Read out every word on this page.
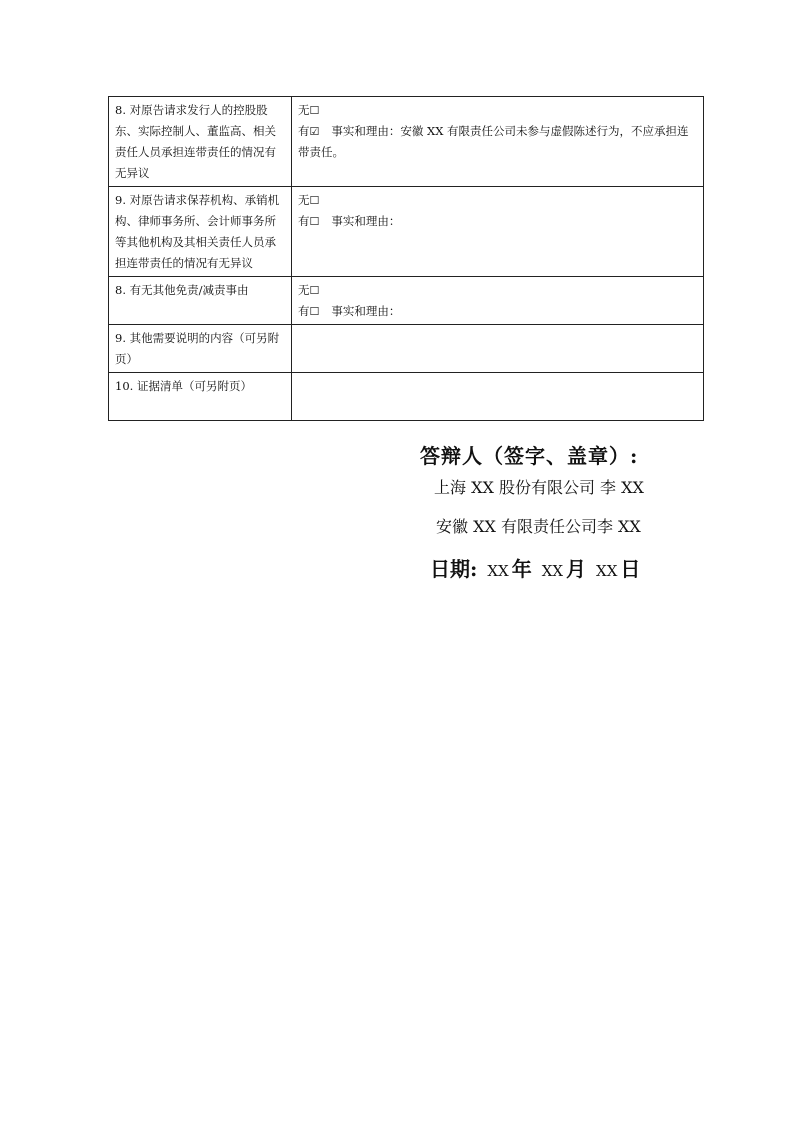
8. 对原告请求发行人的控股股东、实际控制人、董监高、相关责任人员承担连带责任的情况有无异议	无☐
有☑ 事实和理由：安徽 XX 有限责任公司未参与虚假陈述行为，不应承担连带责任。

9. 对原告请求保荐机构、承销机构、律师事务所、会计师事务所等其他机构及其相关责任人员承担连带责任的情况有无异议	无☐
有☐ 事实和理由：

8. 有无其他免责/减责事由	无☐
有☐ 事实和理由：

9. 其他需要说明的内容（可另附页）	
10. 证据清单（可另附页）	
答辩人（签字、盖章）:
上海 XX 股份有限公司 李 XX
安徽 XX 有限责任公司李 XX
日期: XX 年 XX 月 XX 日
